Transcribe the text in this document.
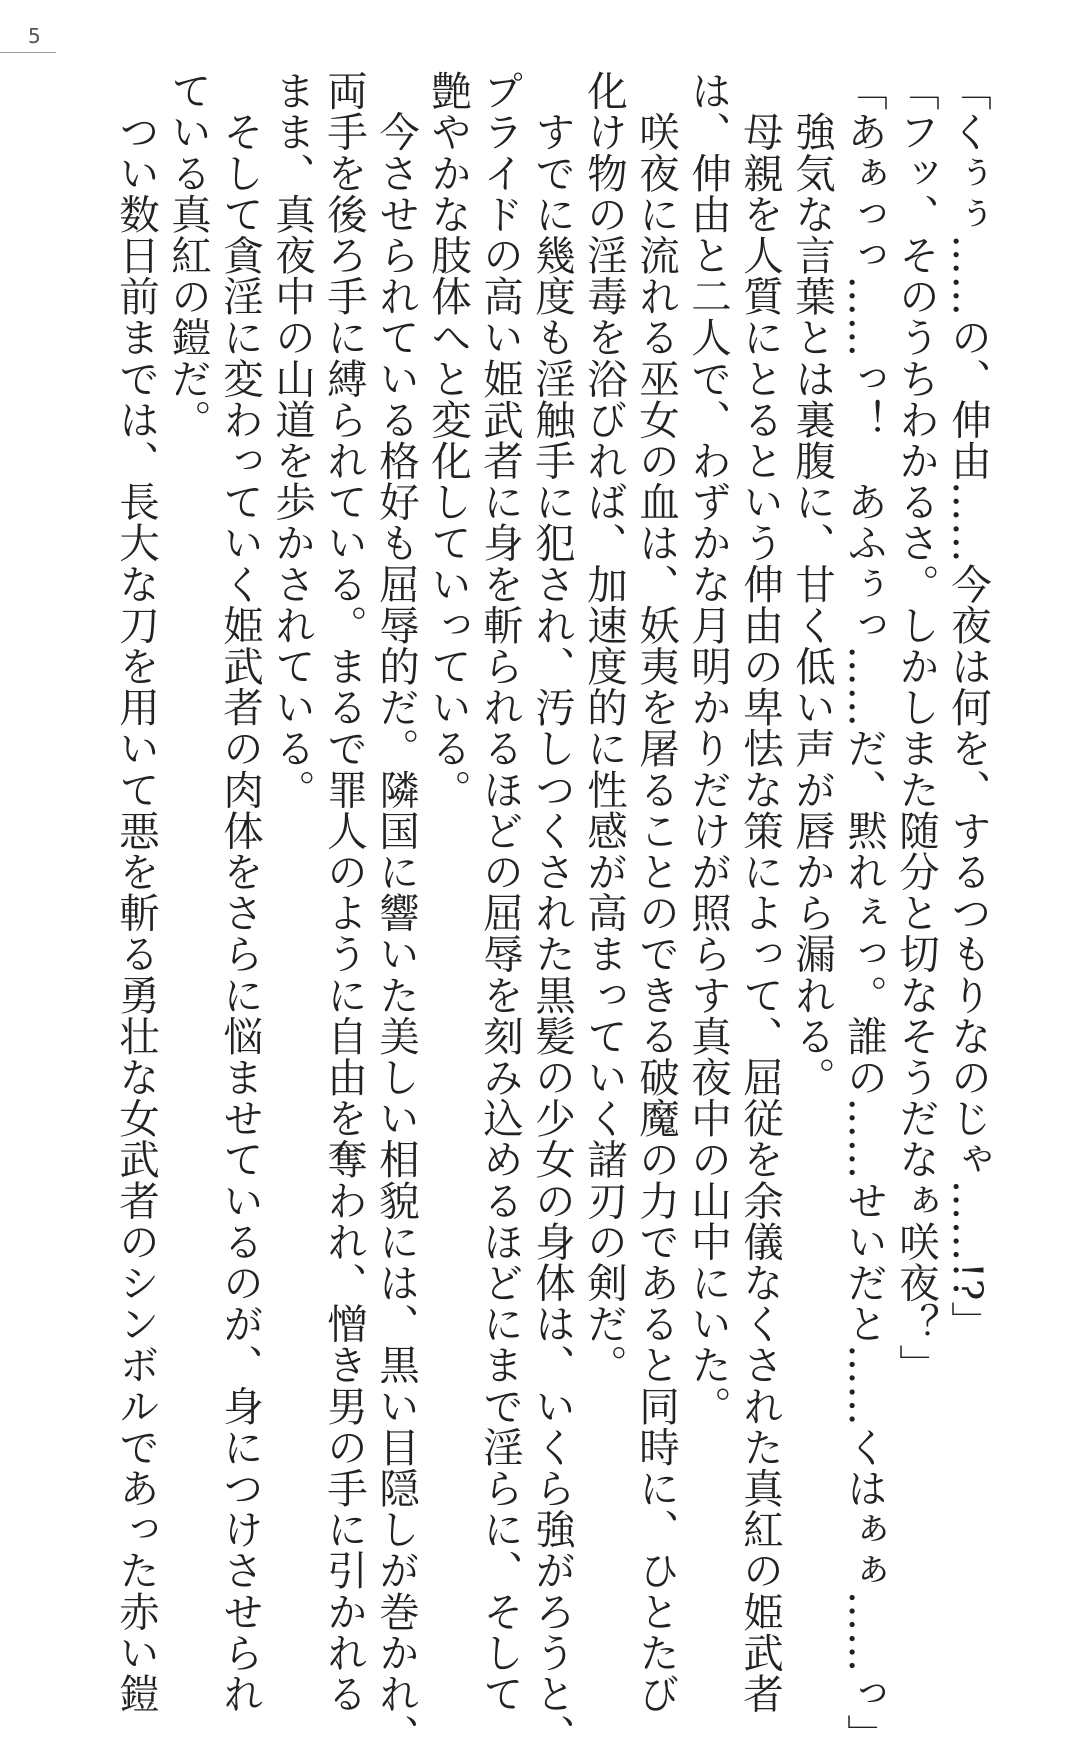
5
「くぅぅ……の、伸由……今夜は何を、するつもりなのじゃ……!?」
「フッ、そのうちわかるさ。しかしまた随分と切なそうだなぁ咲夜？」
「あぁっっ……っ！　あふぅっ……だ、黙れぇっ。誰の……せいだと……くはぁぁ……っ」
　強気な言葉とは裏腹に、甘く低い声が唇から漏れる。
　母親を人質にとるという伸由の卑怯な策によって、屈従を余儀なくされた真紅の姫武者
は、伸由と二人で、わずかな月明かりだけが照らす真夜中の山中にいた。
　咲夜に流れる巫女の血は、妖夷を屠ることのできる破魔の力であると同時に、ひとたび
化け物の淫毒を浴びれば、加速度的に性感が高まっていく諸刃の剣だ。
　すでに幾度も淫触手に犯され、汚しつくされた黒髪の少女の身体は、いくら強がろうと、
プライドの高い姫武者に身を斬られるほどの屈辱を刻み込めるほどにまで淫らに、そして
艶やかな肢体へと変化していっている。
　今させられている格好も屈辱的だ。隣国に響いた美しい相貌には、黒い目隠しが巻かれ、
両手を後ろ手に縛られている。まるで罪人のように自由を奪われ、憎き男の手に引かれる
まま、真夜中の山道を歩かされている。
　そして貪淫に変わっていく姫武者の肉体をさらに悩ませているのが、身につけさせられ
ている真紅の鎧だ。
　つい数日前までは、長大な刀を用いて悪を斬る勇壮な女武者のシンボルであった赤い鎧
